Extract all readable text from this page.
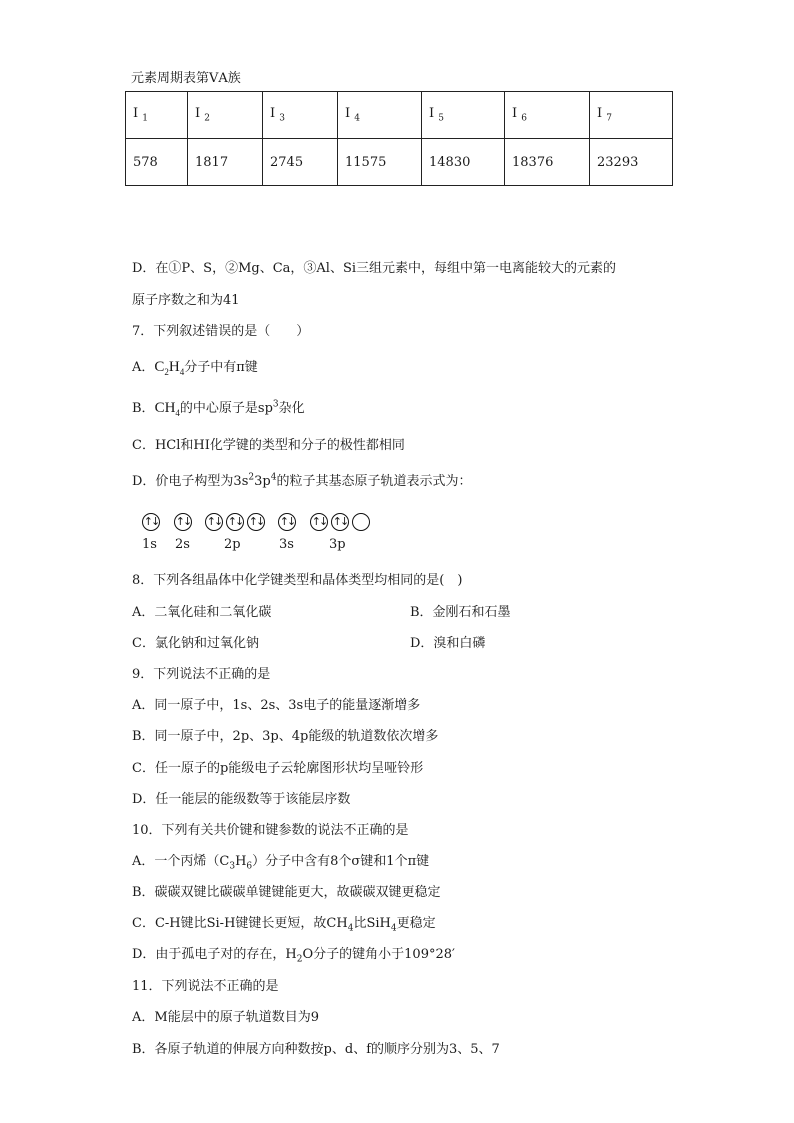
元素周期表第ⅤA族
I $_1$	I $_2$	I $_3$	I $_4$	I $_5$	I $_6$	I $_7$
578	1817	2745	11575	14830	18376	23293
D．在①P、S，②Mg、Ca，③Al、Si三组元素中，每组中第一电离能较大的元素的
原子序数之和为41
7．下列叙述错误的是（　　）
A．$C_2H_4$分子中有π键
B．$CH_4$的中心原子是$sp^3$杂化
C．HCl和HI化学键的类型和分子的极性都相同
D．价电子构型为$3s^23p^4$的粒子其基态原子轨道表示式为：
↑↓ ↑↓ ↑↓ ↑↓ ↑↓ ↑↓ ↑↓ ↑↓
1s 2s	2p	3s	3p
8．下列各组晶体中化学键类型和晶体类型均相同的是(　)
A．二氧化硅和二氧化碳	B．金刚石和石墨
C．氯化钠和过氧化钠	D．溴和白磷
9．下列说法不正确的是
A．同一原子中，1s、2s、3s电子的能量逐渐增多
B．同一原子中，2p、3p、4p能级的轨道数依次增多
C．任一原子的p能级电子云轮廓图形状均呈哑铃形
D．任一能层的能级数等于该能层序数
10．下列有关共价键和键参数的说法不正确的是
A．一个丙烯$(C_3H_6)$分子中含有8个σ键和1个π键
B．碳碳双键比碳碳单键键能更大，故碳碳双键更稳定
C．C-H键比Si-H键键长更短，故$CH_4$比SiH$_4$更稳定
D．由于孤电子对的存在，$H_2O$分子的键角小于109°28′
11．下列说法不正确的是
A．M能层中的原子轨道数目为9
B．各原子轨道的伸展方向种数按p、d、f的顺序分别为3、5、7
